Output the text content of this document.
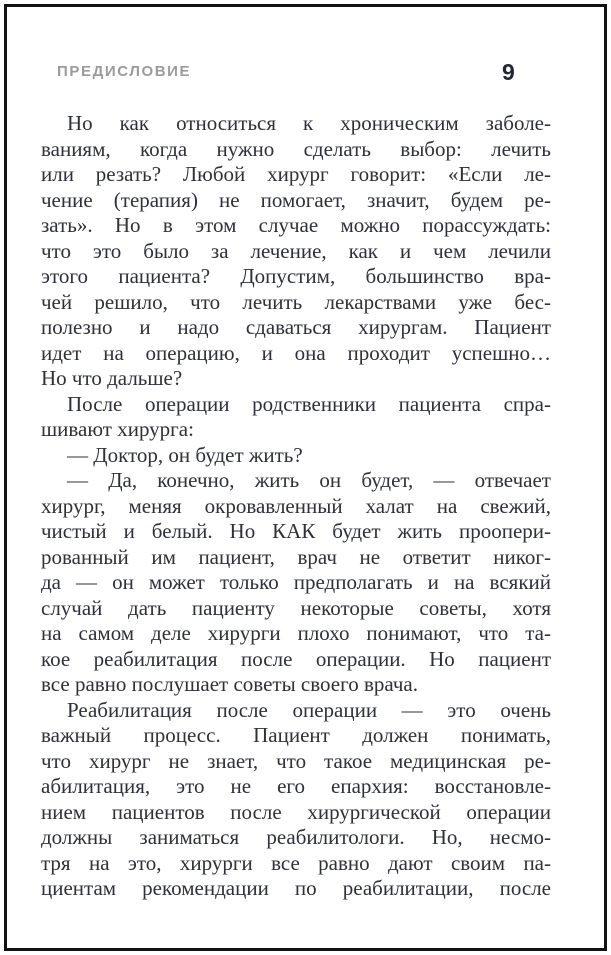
ПРЕДИСЛОВИЕ	9
Но как относиться к хроническим заболе-
ваниям, когда нужно сделать выбор: лечить
или резать? Любой хирург говорит: «Если ле-
чение (терапия) не помогает, значит, будем ре-
зать». Но в этом случае можно порассуждать:
что это было за лечение, как и чем лечили
этого пациента? Допустим, большинство вра-
чей решило, что лечить лекарствами уже бес-
полезно и надо сдаваться хирургам. Пациент
идет на операцию, и она проходит успешно…
Но что дальше?
После операции родственники пациента спра-
шивают хирурга:
— Доктор, он будет жить?
— Да, конечно, жить он будет, — отвечает
хирург, меняя окровавленный халат на свежий,
чистый и белый. Но КАК будет жить проопери-
рованный им пациент, врач не ответит никог-
да — он может только предполагать и на всякий
случай дать пациенту некоторые советы, хотя
на самом деле хирурги плохо понимают, что та-
кое реабилитация после операции. Но пациент
все равно послушает советы своего врача.
Реабилитация после операции — это очень
важный процесс. Пациент должен понимать,
что хирург не знает, что такое медицинская ре-
абилитация, это не его епархия: восстановле-
нием пациентов после хирургической операции
должны заниматься реабилитологи. Но, несмо-
тря на это, хирурги все равно дают своим па-
циентам рекомендации по реабилитации, после
